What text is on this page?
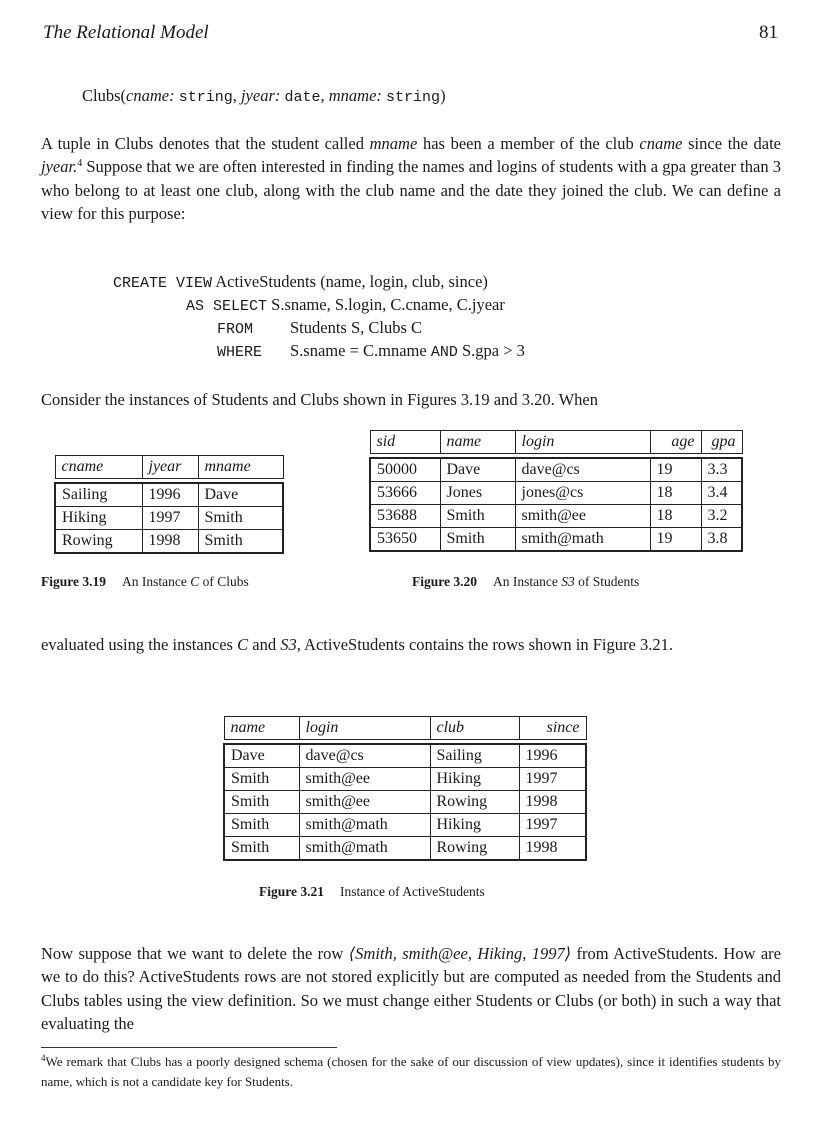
The Relational Model	81
Clubs(cname: string, jyear: date, mname: string)
A tuple in Clubs denotes that the student called mname has been a member of the club cname since the date jyear.$^4$ Suppose that we are often interested in finding the names and logins of students with a gpa greater than 3 who belong to at least one club, along with the club name and the date they joined the club. We can define a view for this purpose:
CREATE VIEW ActiveStudents (name, login, club, since)
AS SELECT S.sname, S.login, C.cname, C.jyear
FROM Students S, Clubs C
WHERE S.sname = C.mname AND S.gpa > 3
Consider the instances of Students and Clubs shown in Figures 3.19 and 3.20. When
cname	jyear	mname

Sailing	1996	Dave
Hiking	1997	Smith
Rowing	1998	Smith
sid	name	login	age	gpa

50000	Dave	dave@cs	19	3.3
53666	Jones	jones@cs	18	3.4
53688	Smith	smith@ee	18	3.2
53650	Smith	smith@math	19	3.8
Figure 3.19 An Instance C of Clubs	Figure 3.20 An Instance S3 of Students
evaluated using the instances C and S3, ActiveStudents contains the rows shown in Figure 3.21.
name	login	club	since

Dave	dave@cs	Sailing	1996
Smith	smith@ee	Hiking	1997
Smith	smith@ee	Rowing	1998
Smith	smith@math	Hiking	1997
Smith	smith@math	Rowing	1998
Figure 3.21 Instance of ActiveStudents
Now suppose that we want to delete the row ⟨Smith, smith@ee, Hiking, 1997⟩ from ActiveStudents. How are we to do this? ActiveStudents rows are not stored explicitly but are computed as needed from the Students and Clubs tables using the view definition. So we must change either Students or Clubs (or both) in such a way that evaluating the
$^4$We remark that Clubs has a poorly designed schema (chosen for the sake of our discussion of view updates), since it identifies students by name, which is not a candidate key for Students.
